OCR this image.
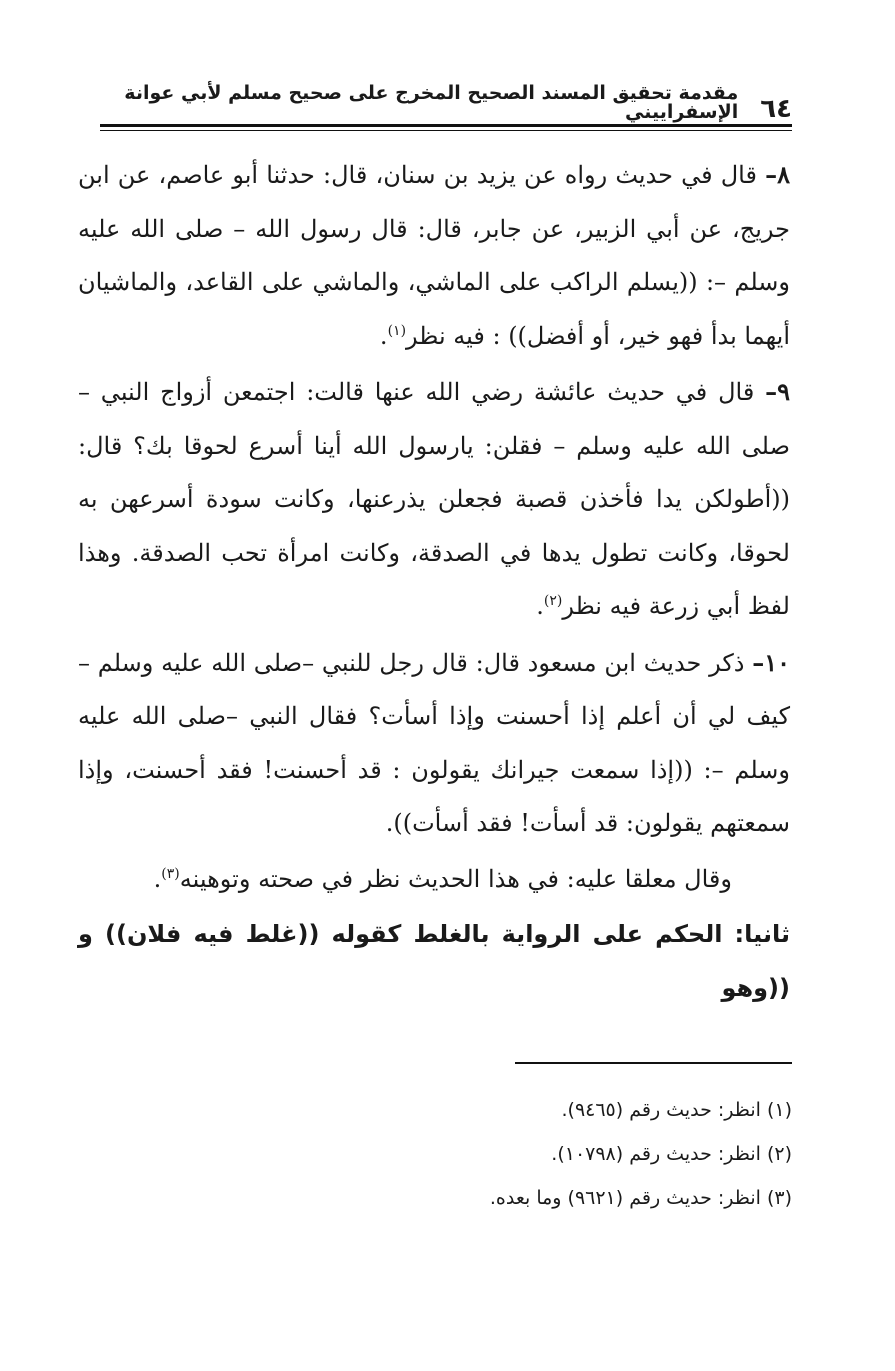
٦٤
مقدمة تحقيق المسند الصحيح المخرج على صحيح مسلم لأبي عوانة الإسفراييني

٨– قال في حديث رواه عن يزيد بن سنان، قال: حدثنا أبو عاصم، عن ابن جريج، عن أبي الزبير، عن جابر، قال: قال رسول الله – صلى الله عليه وسلم –: ((يسلم الراكب على الماشي، والماشي على القاعد، والماشيان أيهما بدأ فهو خير، أو أفضل)) : فيه نظر$^{(١)}$.

٩– قال في حديث عائشة رضي الله عنها قالت: اجتمعن أزواج النبي – صلى الله عليه وسلم – فقلن: يارسول الله أينا أسرع لحوقا بك؟ قال: ((أطولكن يدا فأخذن قصبة فجعلن يذرعنها، وكانت سودة أسرعهن به لحوقا، وكانت تطول يدها في الصدقة، وكانت امرأة تحب الصدقة. وهذا لفظ أبي زرعة فيه نظر$^{(٢)}$.

١٠– ذكر حديث ابن مسعود قال: قال رجل للنبي –صلى الله عليه وسلم – كيف لي أن أعلم إذا أحسنت وإذا أسأت؟ فقال النبي –صلى الله عليه وسلم –: ((إذا سمعت جيرانك يقولون : قد أحسنت! فقد أحسنت، وإذا سمعتهم يقولون: قد أسأت! فقد أسأت)).

وقال معلقا عليه: في هذا الحديث نظر في صحته وتوهينه$^{(٣)}$.

ثانيا: الحكم على الرواية بالغلط كقوله ((غلط فيه فلان)) و ((وهو

(١) انظر: حديث رقم (٩٤٦٥).

(٢) انظر: حديث رقم (١٠٧٩٨).

(٣) انظر: حديث رقم (٩٦٢١) وما بعده.
